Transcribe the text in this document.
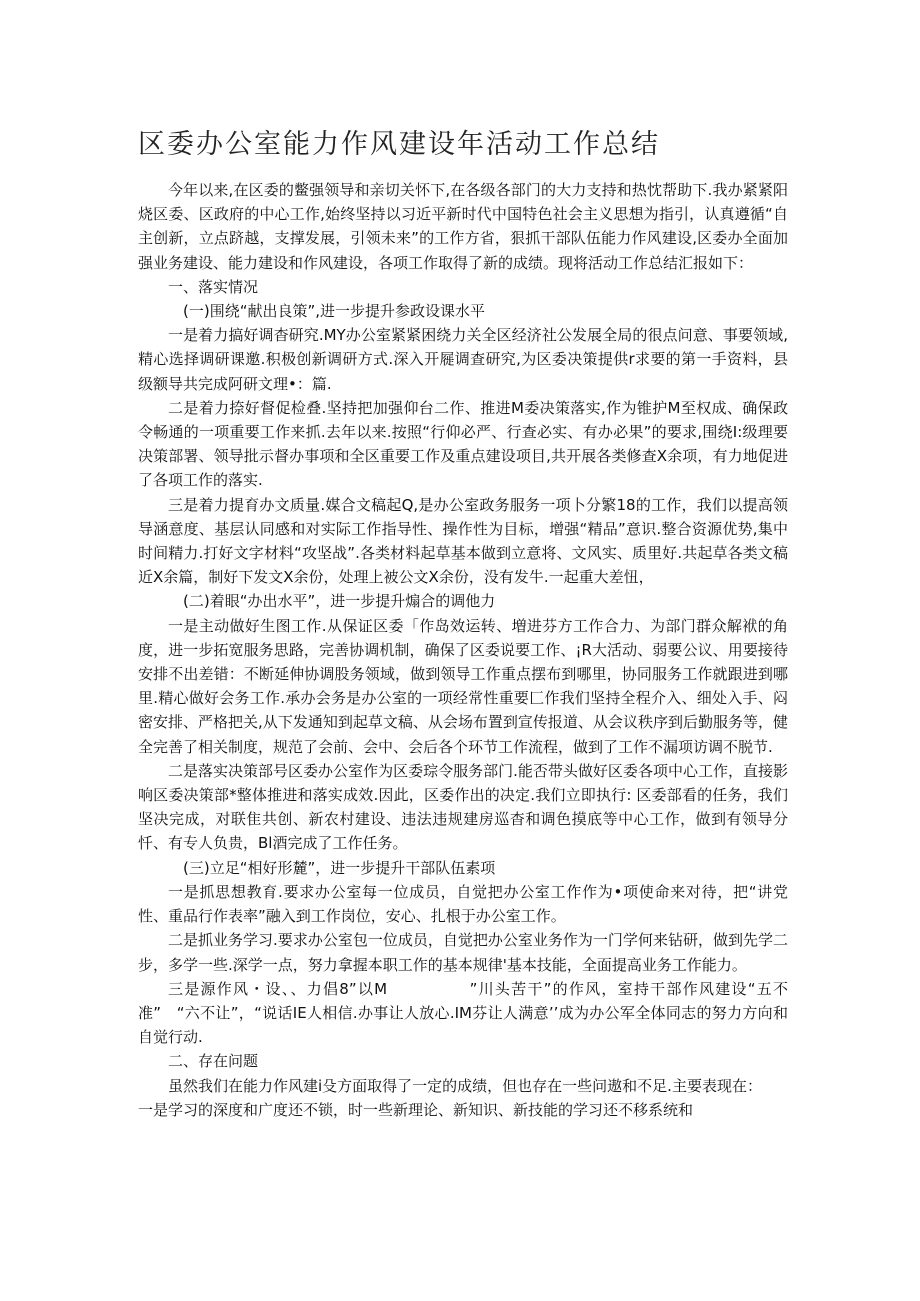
区委办公室能力作风建设年活动工作总结

今年以来,在区委的鳖强领导和亲切关怀下,在各级各部门的大力支持和热忱帮助下.我办紧紧阳烧区委、区政府的中心工作,始终坚持以习近平新时代中国特色社会主义思想为指引，认真遵循“自主创新，立点跻越，支撑发展，引领未来”的工作方省，狠抓干部队伍能力作风建设,区委办全面加强业务建设、能力建设和作风建设，各项工作取得了新的成绩。现将活动工作总结汇报如下：

一、落实情况

(一)围绕“献出良策”,进一步提升参政设课水平

一是着力搞好调杳研究.MY办公室紧紧困绕力关全区经济社公发展全局的很点问意、事要领域,精心选择调研课邀.积极创新调研方式.深入开屣调查研究,为区委决策提供r求要的第一手资料，县级额导共完成阿研文理•：篇.

二是着力捺好督促检叠.坚持把加强仰台二作、推进M委决策落实,作为锥护M至权成、确保政令畅通的一项重要工作来抓.去年以来.按照“行仰必严、行查必实、有办必果”的要求,围绕I:级理要决策部署、领导批示督办事项和全区重要工作及重点建设项目,共开展各类修查X余项，有力地促进了各项工作的落实.

三是着力提育办文质量.媒合文稿起Q,是办公室政务服务一项卜分繁18的工作，我们以提高领导涵意度、基层认同感和对实际工作指导性、操作性为目标，增强“精品”意识.整合资源优势,集中时间精力.打好文字材料“攻坚战”.各类材料起草基本做到立意将、文风实、质里好.共起草各类文稿近X余篇，制好下发文X余份，处理上被公文X余份，没有发牛.一起重大差忸，

(二)着眼“办出水平”，进一步提升煽合的调他力

一是主动做好生图工作.从保证区委「作岛效运转、増进芬方工作合力、为部门群众解袱的角度，进一步拓宽服务思路，完善协调机制，确保了区委说要工作、¡R大活动、弱要公议、用要接待安排不出差错：不断延伸协调股务领域，做到领导工作重点摆布到哪里，协同服务工作就跟进到哪里.精心做好会务工作.承办会务是办公室的一项经常性重要匚作我们坚持全程介入、细处入手、闷密安排、严格把关,从下发通知到起草文稿、从会场布置到宣传报道、从会议秩序到后勤服务等，健全完善了相关制度，规范了会前、会中、会后各个环节工作流程，做到了工作不漏项访调不脱节.

二是落实决策部号区委办公室作为区委琮令服务部门.能否带头做好区委各项中心工作，直接影响区委决策部*整体推进和落实成效.因此，区委作出的决定.我们立即执行: 区委部看的任务，我们坚决完成，对联隹共创、新农村建设、违法违规建房巡杳和调色摸底等中心工作，做到有领导分忏、有专人负贵，Bl酒完成了工作任务。

(三)立足“相好形麓”，进一步提升干部队伍素项

一是抓思想教育.要求办公室每一位成员，自觉把办公室工作作为•项使命来对待，把“讲党性、重品行作表率”融入到工作岗位，安心、扎根于办公室工作。

二是抓业务学习.要求办公室包一位成员，自觉把办公室业务作为一门学何来钻研，做到先学二步，多学一些.深学一点，努力拿握本职工作的基本规律'基本技能，全面提高业务工作能力。

三是源作风・设、、力倡8”以M　　　　　”川头苦干”的作风，室持干部作风建设“五不准”　“六不让”，“说话IE人相信.办事让人放心.IM芬让人满意’’成为办公军全体同志的努力方向和自觉行动.

二、存在问题

虽然我们在能力作风建i殳方面取得了一定的成绩，但也存在一些问遨和不足.主要表现在：

一是学习的深度和广度还不锁，时一些新理论、新知识、新技能的学习还不移系统和
